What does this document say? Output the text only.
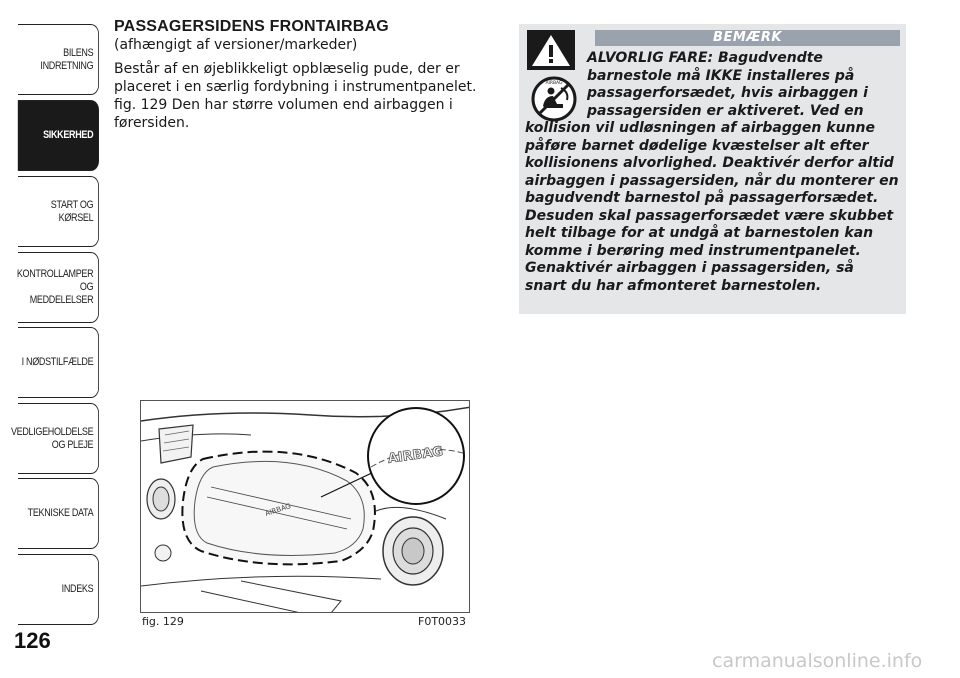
BILENS INDRETNING
SIKKERHED
START OG KØRSEL
KONTROLLAMPER OG MEDDELELSER
I NØDSTILFÆLDE
VEDLIGEHOLDELSE OG PLEJE
TEKNISKE DATA
INDEKS
126
PASSAGERSIDENS FRONTAIRBAG

(afhængigt af versioner/markeder)

Består af en øjeblikkeligt opblæselig pude, der er placeret i en særlig fordybning i instrumentpanelet. fig. 129 Den har større volumen end airbaggen i førersiden.

BEMÆRK
AIRBAG
ALVORLIG FARE: Bagudvendte barnestole må IKKE installeres på passagerforsædet, hvis airbaggen i passagersiden er aktiveret. Ved en
kollision vil udløsningen af airbaggen kunne påføre barnet dødelige kvæstelser alt efter kollisionens alvorlighed. Deaktivér derfor altid airbaggen i passagersiden, når du monterer en bagudvendt barnestol på passagerforsædet. Desuden skal passagerforsædet være skubbet helt tilbage for at undgå at barnestolen kan komme i berøring med instrumentpanelet. Genaktivér airbaggen i passagersiden, så snart du har afmonteret barnestolen.
AIRBAG
AIRBAG
fig. 129	F0T0033
carmanualsonline.info
